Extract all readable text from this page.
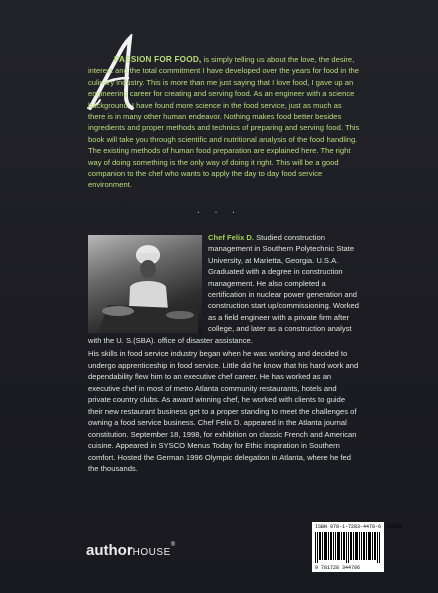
PASSION FOR FOOD, is simply telling us about the love, the desire, interest and the total commitment I have developed over the years for food in the culinary industry. This is more than me just saying that I love food, I gave up an engineering career for creating and serving food. As an engineer with a science background, I have found more science in the food service, just as much as there is in many other human endeavor. Nothing makes food better besides ingredients and proper methods and technics of preparing and serving food. This book will take you through scientific and nutritional analysis of the food handling. The existing methods of human food preparation are explained here. The right way of doing something is the only way of doing it right. This will be a good companion to the chef who wants to apply the day to day food service environment.
. . .
Chef Felix D. Studied construction management in Southern Polytechnic State University, at Marietta, Georgia. U.S.A. Graduated with a degree in construction management. He also completed a certification in nuclear power generation and construction start up/commissioning. Worked as a field engineer with a private firm after college, and later as a construction analyst with the U. S.(SBA). office of disaster assistance.
His skills in food service industry began when he was working and decided to undergo apprenticeship in food service. Little did he know that his hard work and dependability flew him to an executive chef career. He has worked as an executive chef in most of metro Atlanta community restaurants, hotels and private country clubs. As award winning chef, he worked with clients to guide their new restaurant business get to a proper standing to meet the challenges of owning a food service business. Chef Felix D. appeared in the Atlanta journal constitution. September 18, 1998, for exhibition on classic French and American cuisine. Appeared in SYSCO Menus Today for Ethic inspiration in Southern comfort. Hosted the German 1996 Olympic delegation in Atlanta, where he fed the thousands.
authorHOUSE®
ISBN 978-1-7283-4470-6 53399
9 781728 344706
